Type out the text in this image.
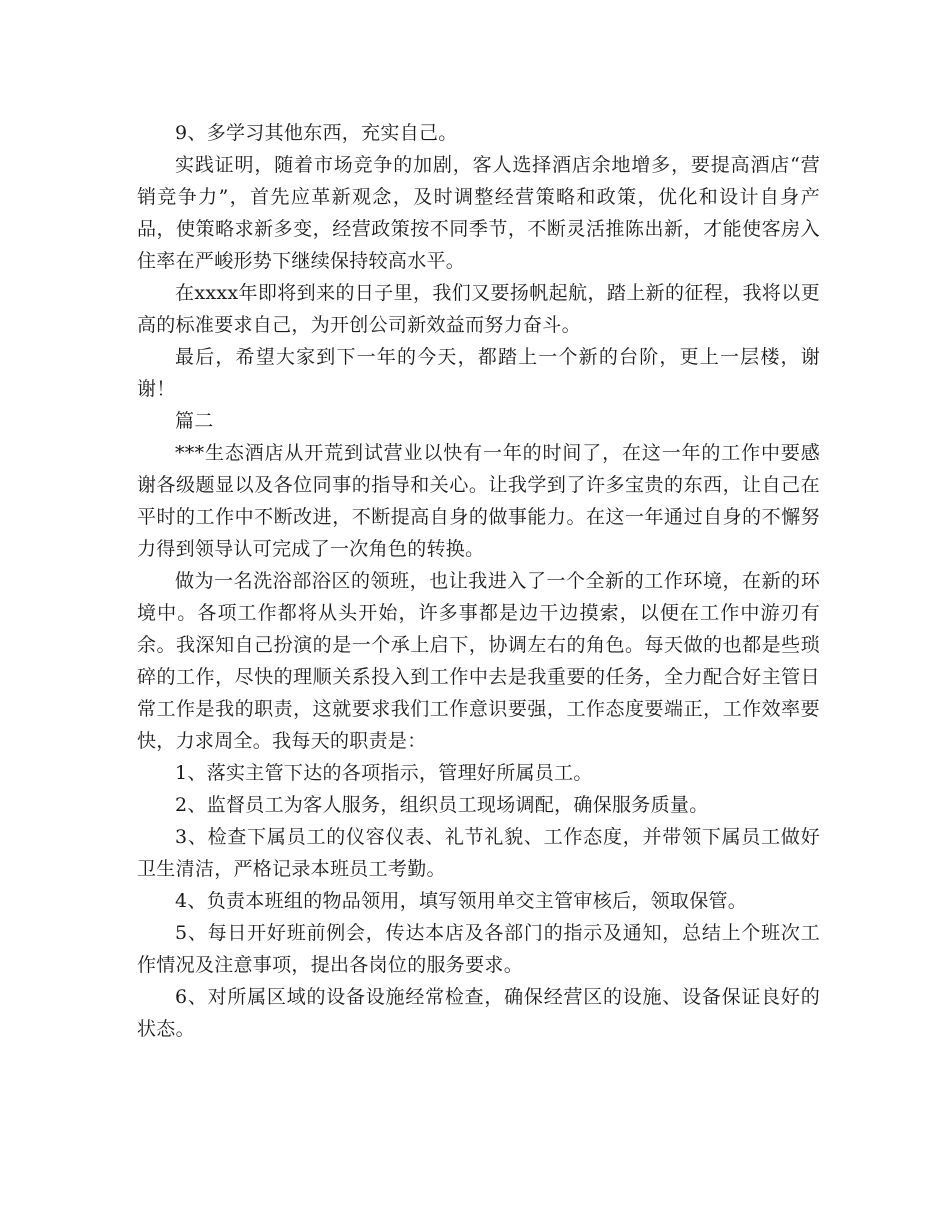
9、多学习其他东西，充实自己。

实践证明，随着市场竞争的加剧，客人选择酒店余地增多，要提高酒店“营销竞争力”，首先应革新观念，及时调整经营策略和政策，优化和设计自身产品，使策略求新多变，经营政策按不同季节，不断灵活推陈出新，才能使客房入住率在严峻形势下继续保持较高水平。

在xxxx年即将到来的日子里，我们又要扬帆起航，踏上新的征程，我将以更高的标准要求自己，为开创公司新效益而努力奋斗。

最后，希望大家到下一年的今天，都踏上一个新的台阶，更上一层楼，谢谢！

篇二

***生态酒店从开荒到试营业以快有一年的时间了，在这一年的工作中要感谢各级题显以及各位同事的指导和关心。让我学到了许多宝贵的东西，让自己在平时的工作中不断改进，不断提高自身的做事能力。在这一年通过自身的不懈努力得到领导认可完成了一次角色的转换。

做为一名洗浴部浴区的领班，也让我进入了一个全新的工作环境，在新的环境中。各项工作都将从头开始，许多事都是边干边摸索，以便在工作中游刃有余。我深知自己扮演的是一个承上启下，协调左右的角色。每天做的也都是些琐碎的工作，尽快的理顺关系投入到工作中去是我重要的任务，全力配合好主管日常工作是我的职责，这就要求我们工作意识要强，工作态度要端正，工作效率要快，力求周全。我每天的职责是：

1、落实主管下达的各项指示，管理好所属员工。

2、监督员工为客人服务，组织员工现场调配，确保服务质量。

3、检查下属员工的仪容仪表、礼节礼貌、工作态度，并带领下属员工做好卫生清洁，严格记录本班员工考勤。

4、负责本班组的物品领用，填写领用单交主管审核后，领取保管。

5、每日开好班前例会，传达本店及各部门的指示及通知，总结上个班次工作情况及注意事项，提出各岗位的服务要求。

6、对所属区域的设备设施经常检查，确保经营区的设施、设备保证良好的状态。
